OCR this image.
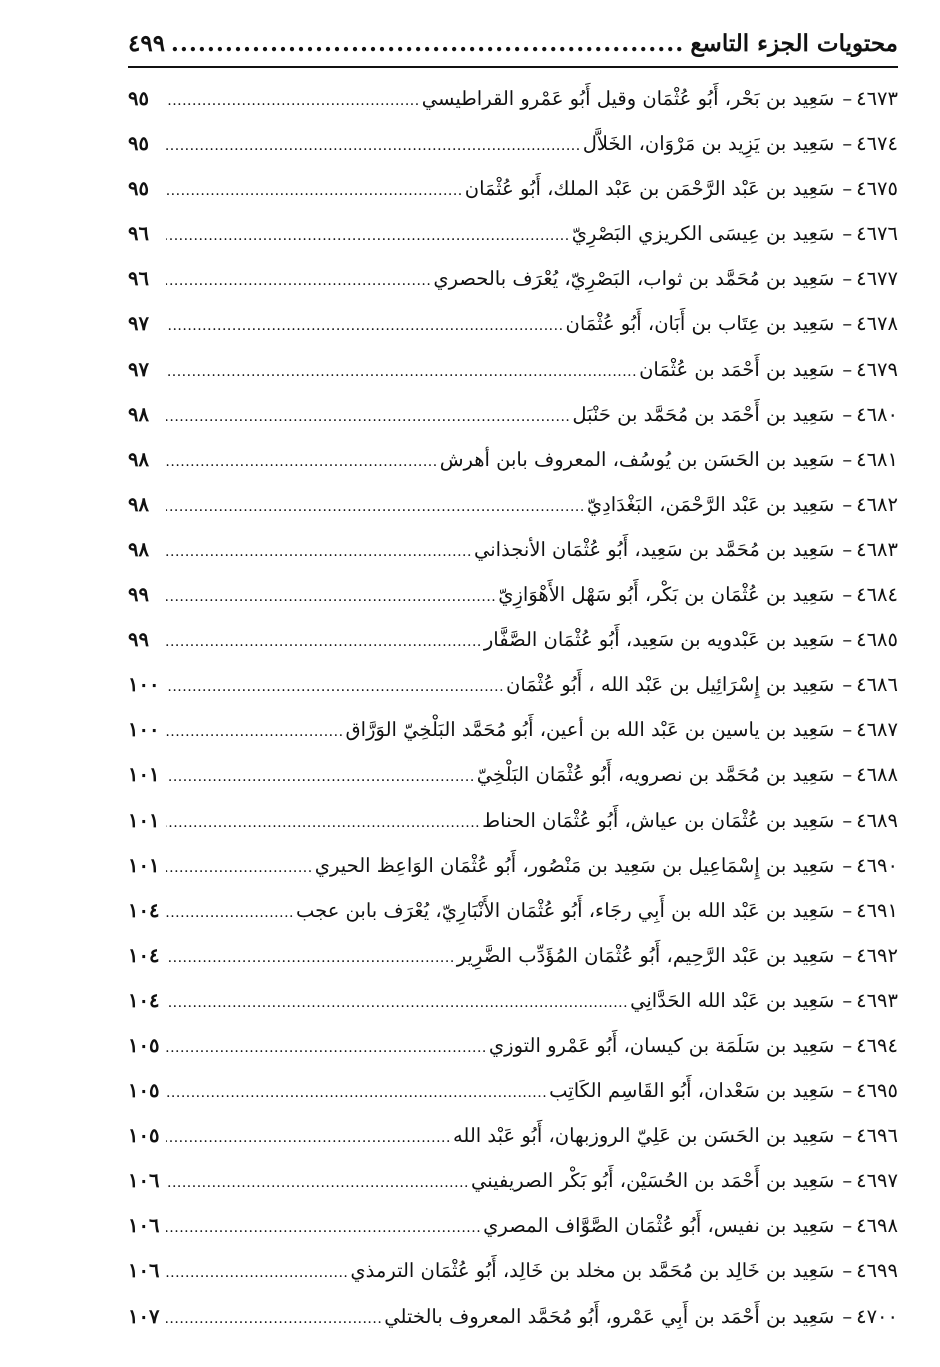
محتويات الجزء التاسع
.....
٤٩٩
٤٦٧٣
–
سَعِيد بن بَحْر، أَبُو عُثْمَان وقيل أَبُو عَمْرو القراطيسي
.....
٩٥
٤٦٧٤
–
سَعِيد بن يَزِيد بن مَرْوَان، الخَلاَّل
.....
٩٥
٤٦٧٥
–
سَعِيد بن عَبْد الرَّحْمَن بن عَبْد الملك، أَبُو عُثْمَان
.....
٩٥
٤٦٧٦
–
سَعِيد بن عِيسَى الكريزي البَصْرِيّ
.....
٩٦
٤٦٧٧
–
سَعِيد بن مُحَمَّد بن ثواب، البَصْرِيّ، يُعْرَف بالحصري
.....
٩٦
٤٦٧٨
–
سَعِيد بن عِتَاب بن أَبَان، أَبُو عُثْمَان
.....
٩٧
٤٦٧٩
–
سَعِيد بن أَحْمَد بن عُثْمَان
.....
٩٧
٤٦٨٠
–
سَعِيد بن أَحْمَد بن مُحَمَّد بن حَنْبَل
.....
٩٨
٤٦٨١
–
سَعِيد بن الحَسَن بن يُوسُف، المعروف بابن أهرش
.....
٩٨
٤٦٨٢
–
سَعِيد بن عَبْد الرَّحْمَن، البَغْدَادِيّ
.....
٩٨
٤٦٨٣
–
سَعِيد بن مُحَمَّد بن سَعِيد، أَبُو عُثْمَان الأنجذاني
.....
٩٨
٤٦٨٤
–
سَعِيد بن عُثْمَان بن بَكْر، أَبُو سَهْل الأَهْوَازِيّ
.....
٩٩
٤٦٨٥
–
سَعِيد بن عَبْدويه بن سَعِيد، أَبُو عُثْمَان الصَّفَّار
.....
٩٩
٤٦٨٦
–
سَعِيد بن إِسْرَائِيل بن عَبْد الله ، أَبُو عُثْمَان
.....
١٠٠
٤٦٨٧
–
سَعِيد بن ياسين بن عَبْد الله بن أعين، أَبُو مُحَمَّد البَلْخِيّ الوَرَّاق
.....
١٠٠
٤٦٨٨
–
سَعِيد بن مُحَمَّد بن نصرويه، أَبُو عُثْمَان البَلْخِيّ
.....
١٠١
٤٦٨٩
–
سَعِيد بن عُثْمَان بن عياش، أَبُو عُثْمَان الحناط
.....
١٠١
٤٦٩٠
–
سَعِيد بن إِسْمَاعِيل بن سَعِيد بن مَنْصُور، أَبُو عُثْمَان الوَاعِظ الحيري
.....
١٠١
٤٦٩١
–
سَعِيد بن عَبْد الله بن أَبِي رجَاء، أَبُو عُثْمَان الأَنْبَارِيّ، يُعْرَف بابن عجب
.....
١٠٤
٤٦٩٢
–
سَعِيد بن عَبْد الرَّحِيم، أَبُو عُثْمَان المُؤَدِّب الضَّرِير
.....
١٠٤
٤٦٩٣
–
سَعِيد بن عَبْد الله الحَدَّانِي
.....
١٠٤
٤٦٩٤
–
سَعِيد بن سَلَمَة بن كيسان، أَبُو عَمْرو التوزي
.....
١٠٥
٤٦٩٥
–
سَعِيد بن سَعْدان، أَبُو القَاسِم الكَاتِب
.....
١٠٥
٤٦٩٦
–
سَعِيد بن الحَسَن بن عَلِيّ الروزبهان، أَبُو عَبْد الله
.....
١٠٥
٤٦٩٧
–
سَعِيد بن أَحْمَد بن الحُسَيْن، أَبُو بَكْر الصريفيني
.....
١٠٦
٤٦٩٨
–
سَعِيد بن نفيس، أَبُو عُثْمَان الصَّوَّاف المصري
.....
١٠٦
٤٦٩٩
–
سَعِيد بن خَالِد بن مُحَمَّد بن مخلد بن خَالِد، أَبُو عُثْمَان الترمذي
.....
١٠٦
٤٧٠٠
–
سَعِيد بن أَحْمَد بن أَبِي عَمْرو، أَبُو مُحَمَّد المعروف بالختلي
.....
١٠٧
